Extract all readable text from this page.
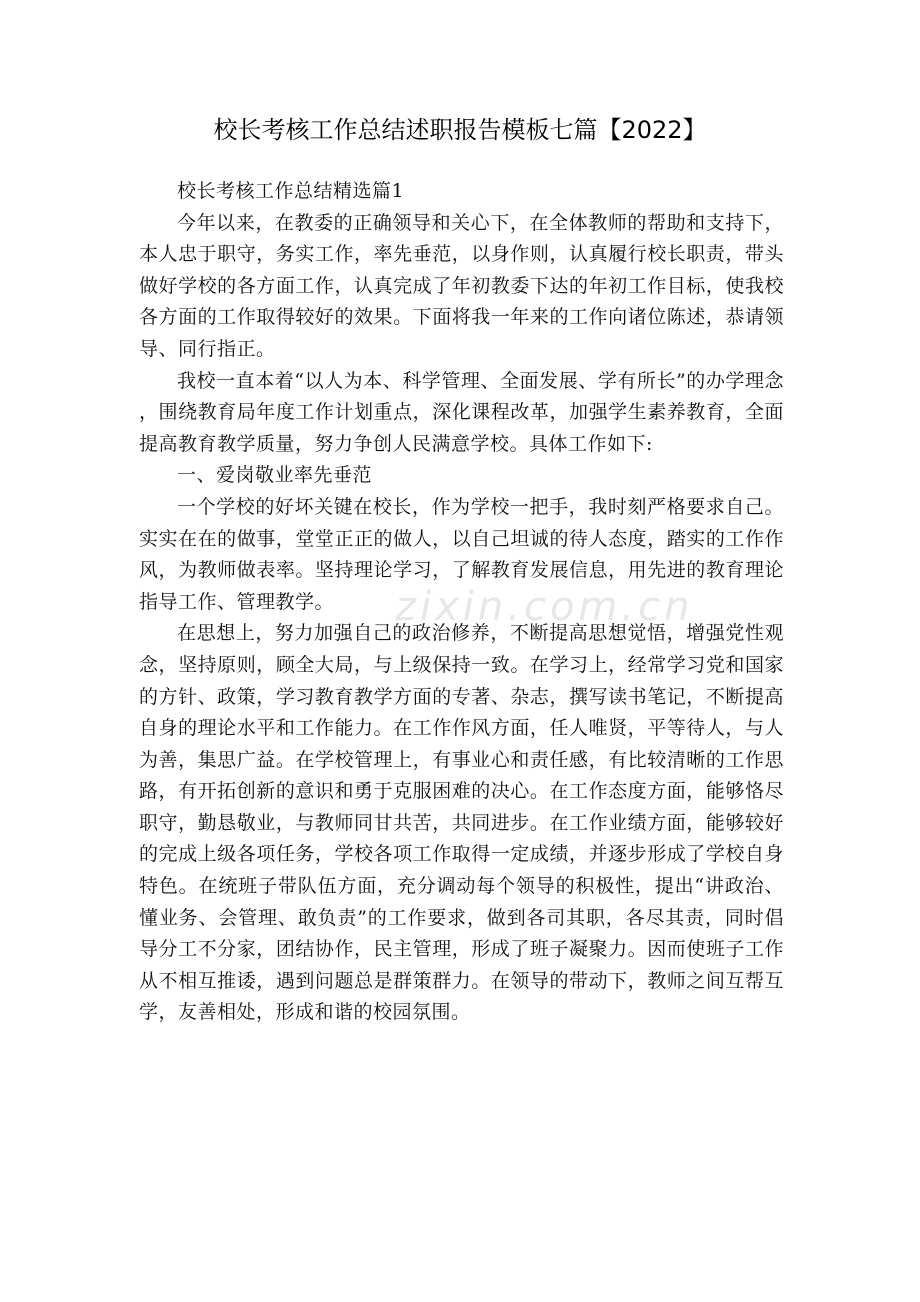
校长考核工作总结述职报告模板七篇【2022】

校长考核工作总结精选篇1

今年以来，在教委的正确领导和关心下，在全体教师的帮助和支持下，本人忠于职守，务实工作，率先垂范，以身作则，认真履行校长职责，带头做好学校的各方面工作，认真完成了年初教委下达的年初工作目标，使我校各方面的工作取得较好的效果。下面将我一年来的工作向诸位陈述，恭请领导、同行指正。

我校一直本着“以人为本、科学管理、全面发展、学有所长”的办学理念，围绕教育局年度工作计划重点，深化课程改革，加强学生素养教育，全面提高教育教学质量，努力争创人民满意学校。具体工作如下:

一、爱岗敬业率先垂范

一个学校的好坏关键在校长，作为学校一把手，我时刻严格要求自己。实实在在的做事，堂堂正正的做人，以自己坦诚的待人态度，踏实的工作作风，为教师做表率。坚持理论学习，了解教育发展信息，用先进的教育理论指导工作、管理教学。

在思想上，努力加强自己的政治修养，不断提高思想觉悟，增强党性观念，坚持原则，顾全大局，与上级保持一致。在学习上，经常学习党和国家的方针、政策，学习教育教学方面的专著、杂志，撰写读书笔记，不断提高自身的理论水平和工作能力。在工作作风方面，任人唯贤，平等待人，与人为善，集思广益。在学校管理上，有事业心和责任感，有比较清晰的工作思路，有开拓创新的意识和勇于克服困难的决心。在工作态度方面，能够恪尽职守，勤恳敬业，与教师同甘共苦，共同进步。在工作业绩方面，能够较好的完成上级各项任务，学校各项工作取得一定成绩，并逐步形成了学校自身特色。在统班子带队伍方面，充分调动每个领导的积极性，提出“讲政治、懂业务、会管理、敢负责”的工作要求，做到各司其职，各尽其责，同时倡导分工不分家，团结协作，民主管理，形成了班子凝聚力。因而使班子工作从不相互推诿，遇到问题总是群策群力。在领导的带动下，教师之间互帮互学，友善相处，形成和谐的校园氛围。

zixin.com.cn
